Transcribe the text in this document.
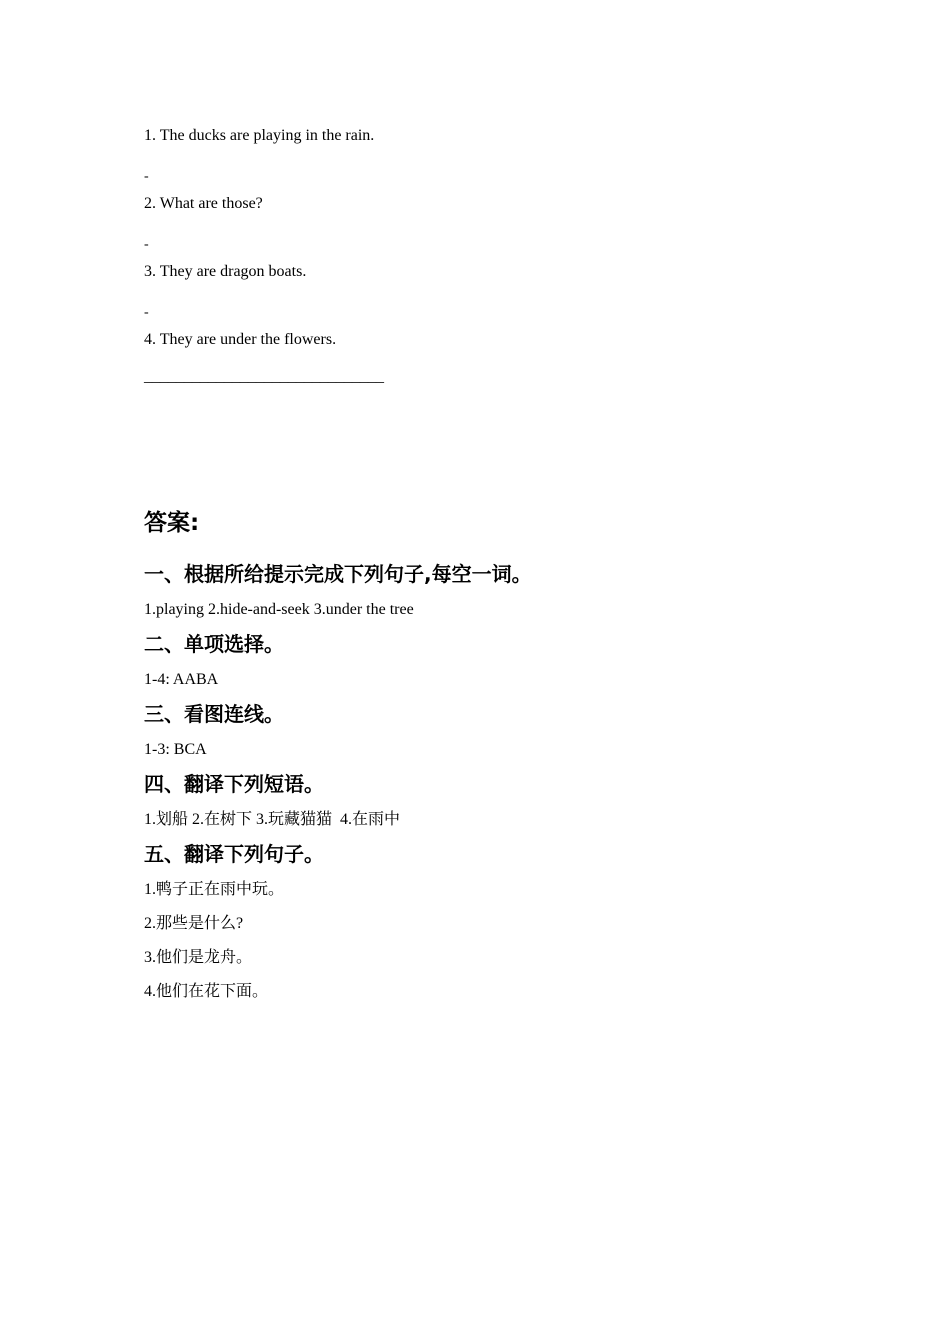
1. The ducks are playing in the rain.
-
2. What are those?
-
3. They are dragon boats.
-
4. They are under the flowers.
______________________________
答案:
一、根据所给提示完成下列句子,每空一词。
1.playing 2.hide-and-seek 3.under the tree
二、单项选择。
1-4: AABA
三、看图连线。
1-3: BCA
四、翻译下列短语。
1.划船 2.在树下 3.玩藏猫猫  4.在雨中
五、翻译下列句子。
1.鸭子正在雨中玩。
2.那些是什么?
3.他们是龙舟。
4.他们在花下面。
